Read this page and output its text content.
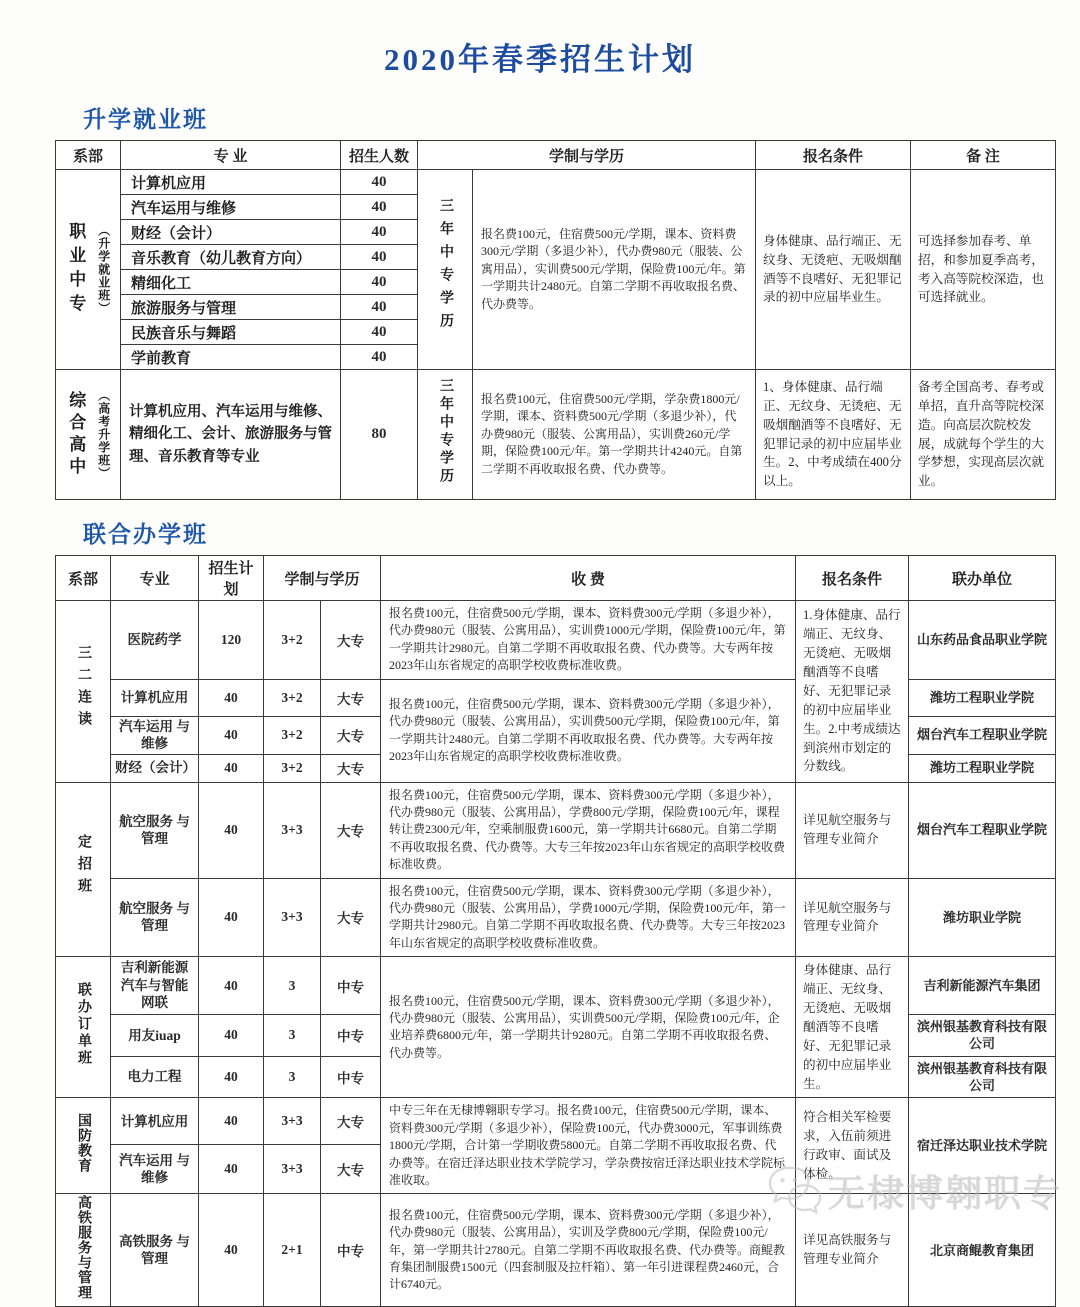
2020年春季招生计划
升学就业班
系部	专 业	招生人数	学制与学历		报名条件	备 注

职业中专 （升学就业班）	计算机应用	40	三年中专学历	报名费100元，住宿费500元/学期，课本、资料费300元/学期（多退少补），代办费980元（服装、公寓用品），实训费500元/学期，保险费100元/年。第一学期共计2480元。自第二学期不再收取报名费、代办费等。	身体健康、品行端正、无纹身、无烫疤、无吸烟酗酒等不良嗜好、无犯罪记录的初中应届毕业生。	可选择参加春考、单招，和参加夏季高考，考入高等院校深造，也可选择就业。
	汽车运用与维修	40				
	财经（会计）	40				
	音乐教育（幼儿教育方向）	40				
	精细化工	40				
	旅游服务与管理	40				
	民族音乐与舞蹈	40				
	学前教育	40				

综合高中 （高考升学班）	计算机应用、汽车运用与维修、精细化工、会计、旅游服务与管理、音乐教育等专业	80	三年中专学历	报名费100元，住宿费500元/学期，学杂费1800元/学期，课本、资料费500元/学期（多退少补），代办费980元（服装、公寓用品），实训费260元/学期，保险费100元/年。第一学期共计4240元。自第二学期不再收取报名费、代办费等。	1、身体健康、品行端正、无纹身、无烫疤、无吸烟酗酒等不良嗜好、无犯罪记录的初中应届毕业生。2、中考成绩在400分以上。	备考全国高考、春考或单招，直升高等院校深造。向高层次院校发展，成就每个学生的大学梦想，实现高层次就业。
联合办学班
系部	专业	招生计划	学制与学历		收 费	报名条件	联办单位
三二连读	医院药学	120	3+2	大专	报名费100元，住宿费500元/学期，课本、资料费300元/学期（多退少补），代办费980元（服装、公寓用品），实训费1000元/学期，保险费100元/年，第一学期共计2980元。自第二学期不再收取报名费、代办费等。大专两年按2023年山东省规定的高职学校收费标准收费。	1.身体健康、品行端正、无纹身、无烫疤、无吸烟酗酒等不良嗜好、无犯罪记录的初中应届毕业生。2.中考成绩达到滨州市划定的分数线。	山东药品食品职业学院
	计算机应用	40	3+2	大专	报名费100元，住宿费500元/学期，课本、资料费300元/学期（多退少补），代办费980元（服装、公寓用品），实训费500元/学期，保险费100元/年，第一学期共计2480元。自第二学期不再收取报名费、代办费等。大专两年按2023年山东省规定的高职学校收费标准收费。		潍坊工程职业学院
	汽车运用 与维修	40	3+2	大专			烟台汽车工程职业学院
	财经（会计）	40	3+2	大专			潍坊工程职业学院
定招班	航空服务 与管理	40	3+3	大专	报名费100元，住宿费500元/学期，课本、资料费300元/学期（多退少补），代办费980元（服装、公寓用品），学费800元/学期，保险费100元/年，课程转让费2300元/年，空乘制服费1600元，第一学期共计6680元。自第二学期不再收取报名费、代办费等。大专三年按2023年山东省规定的高职学校收费标准收费。	详见航空服务与管理专业简介	烟台汽车工程职业学院
	航空服务 与管理	40	3+3	大专	报名费100元，住宿费500元/学期，课本、资料费300元/学期（多退少补），代办费980元（服装、公寓用品），学费1000元/学期，保险费100元/年，第一学期共计2980元。自第二学期不再收取报名费、代办费等。大专三年按2023年山东省规定的高职学校收费标准收费。	详见航空服务与管理专业简介	潍坊职业学院
联办订单班	吉利新能源汽车与智能网联	40	3	中专	报名费100元，住宿费500元/学期，课本、资料费300元/学期（多退少补），代办费980元（服装、公寓用品），实训费500元/学期，保险费100元/年，企业培养费6800元/年，第一学期共计9280元。自第二学期不再收取报名费、代办费等。	身体健康、品行端正、无纹身、无烫疤、无吸烟酗酒等不良嗜好、无犯罪记录的初中应届毕业生。	吉利新能源汽车集团
	用友iuap	40	3	中专			滨州银基教育科技有限公司
	电力工程	40	3	中专			滨州银基教育科技有限公司
国防教育	计算机应用	40	3+3	大专	中专三年在无棣博翱职专学习。报名费100元，住宿费500元/学期，课本、资料费300元/学期（多退少补），保险费100元，代办费3000元，军事训练费1800元/学期，合计第一学期收费5800元。自第二学期不再收取报名费、代办费等。在宿迁泽达职业技术学院学习，学杂费按宿迁泽达职业技术学院标准收取。	符合相关军检要求，入伍前须进行政审、面试及体检。	宿迁泽达职业技术学院
	汽车运用 与维修	40	3+3	大专			
高铁服务与管理	高铁服务 与管理	40	2+1	中专	报名费100元，住宿费500元/学期，课本、资料费300元/学期（多退少补），代办费980元（服装、公寓用品），实训及学费800元/学期，保险费100元/年，第一学期共计2780元。自第二学期不再收取报名费、代办费等。商鲲教育集团制服费1500元（四套制服及拉杆箱）、第一年引进课程费2460元，合计6740元。	详见高铁服务与管理专业简介	北京商鲲教育集团
无棣博翱职专
